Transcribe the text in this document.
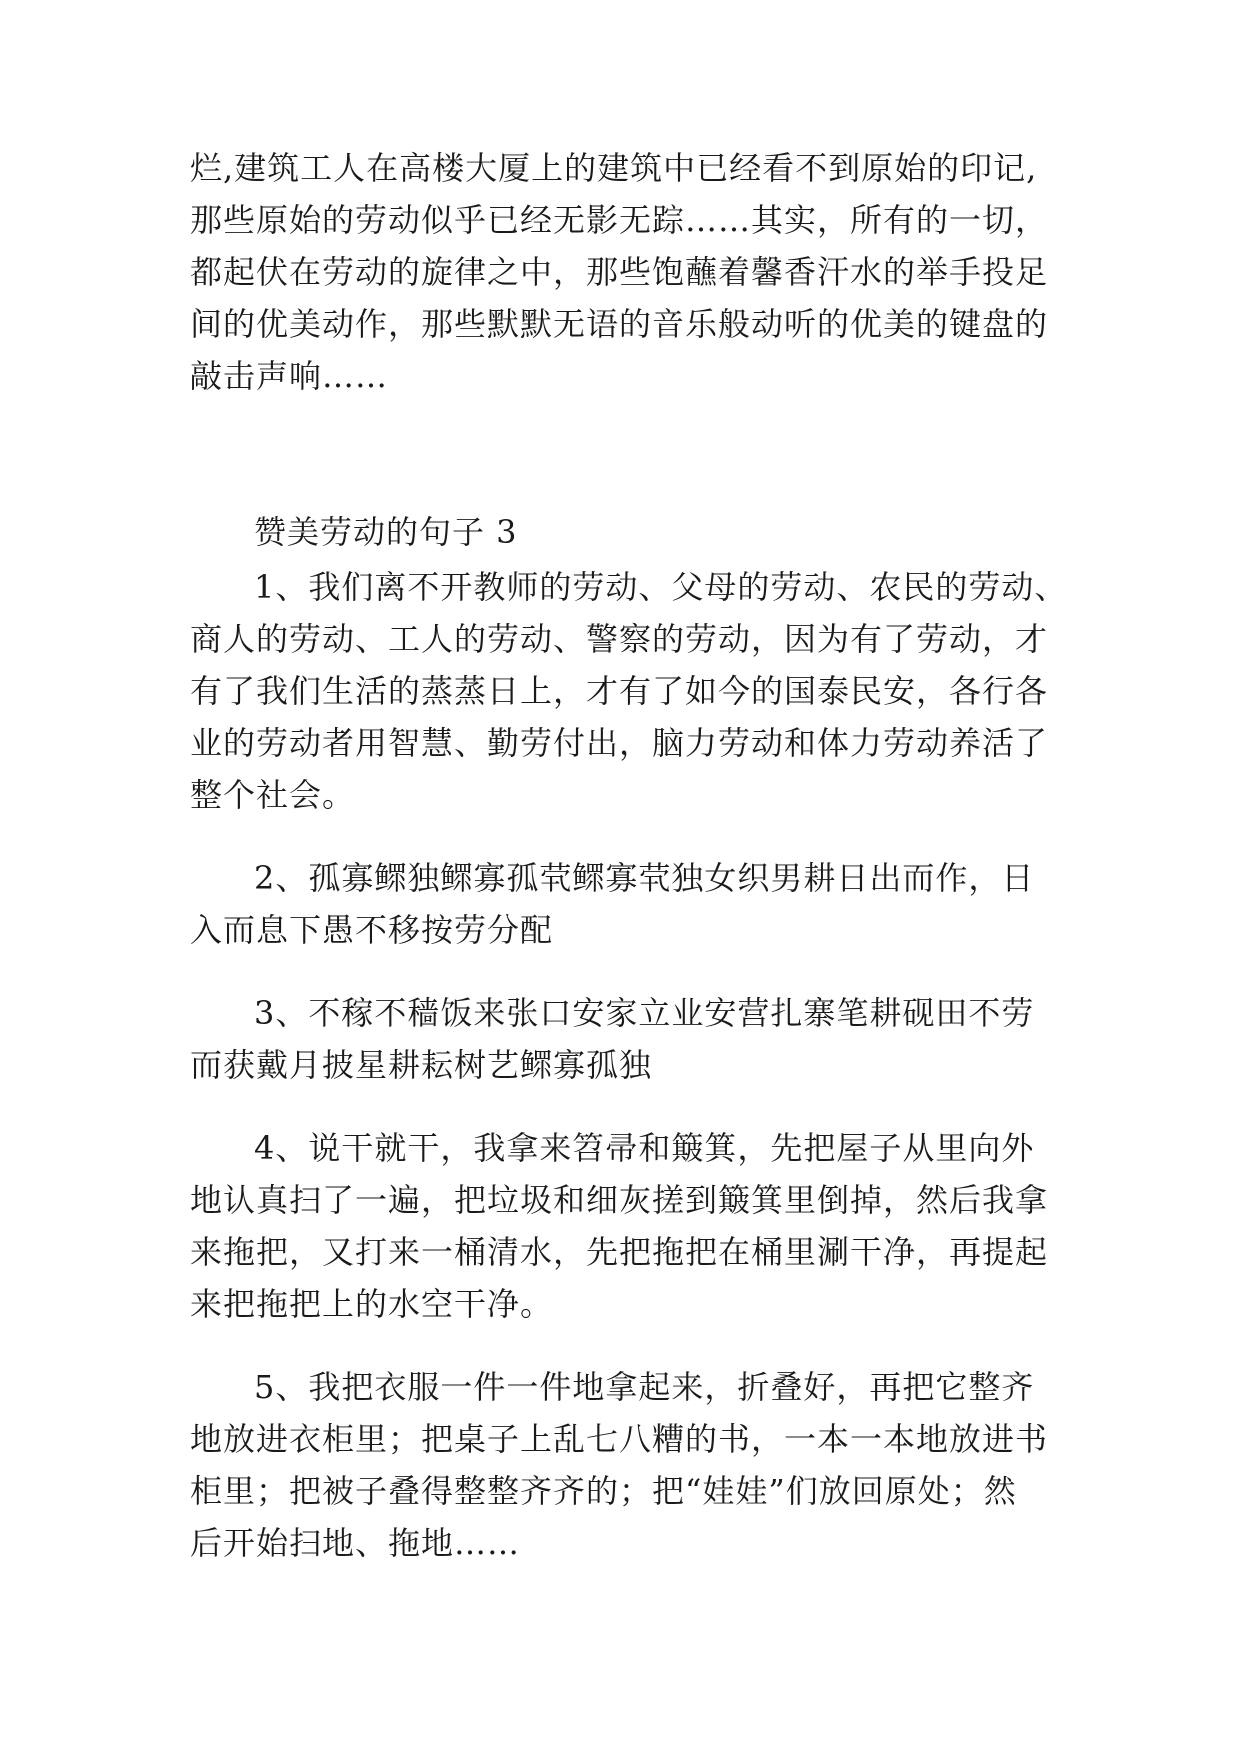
烂,建筑工人在高楼大厦上的建筑中已经看不到原始的印记,
那些原始的劳动似乎已经无影无踪……其实，所有的一切，
都起伏在劳动的旋律之中，那些饱蘸着馨香汗水的举手投足
间的优美动作，那些默默无语的音乐般动听的优美的键盘的
敲击声响……
赞美劳动的句子 3
1、我们离不开教师的劳动、父母的劳动、农民的劳动、
商人的劳动、工人的劳动、警察的劳动，因为有了劳动，才
有了我们生活的蒸蒸日上，才有了如今的国泰民安，各行各
业的劳动者用智慧、勤劳付出，脑力劳动和体力劳动养活了
整个社会。
2、孤寡鳏独鳏寡孤茕鳏寡茕独女织男耕日出而作，日
入而息下愚不移按劳分配
3、不稼不穑饭来张口安家立业安营扎寨笔耕砚田不劳
而获戴月披星耕耘树艺鳏寡孤独
4、说干就干，我拿来笤帚和簸箕，先把屋子从里向外
地认真扫了一遍，把垃圾和细灰搓到簸箕里倒掉，然后我拿
来拖把，又打来一桶清水，先把拖把在桶里涮干净，再提起
来把拖把上的水空干净。
5、我把衣服一件一件地拿起来，折叠好，再把它整齐
地放进衣柜里；把桌子上乱七八糟的书，一本一本地放进书
柜里；把被子叠得整整齐齐的；把“娃娃”们放回原处；然
后开始扫地、拖地……
